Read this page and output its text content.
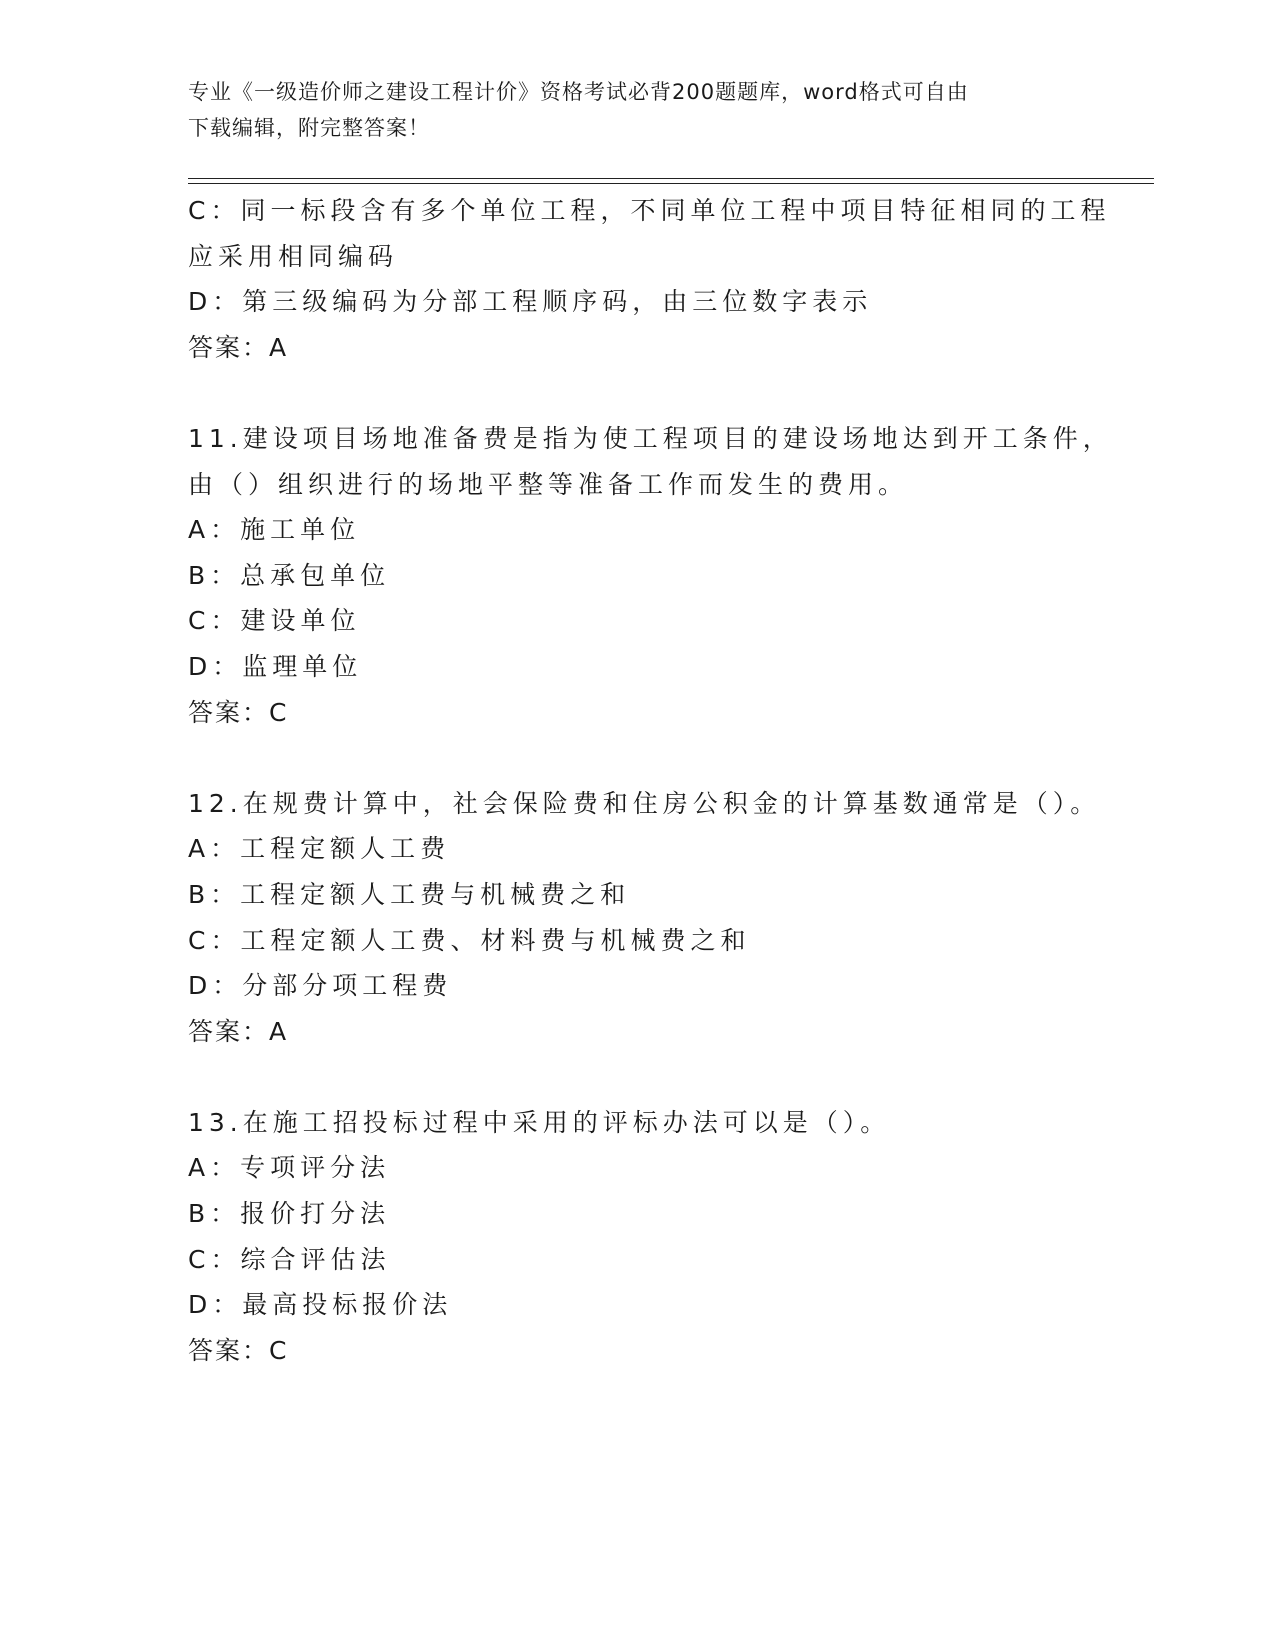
专业《一级造价师之建设工程计价》资格考试必背200题题库，word格式可自由
下载编辑，附完整答案！
C：同一标段含有多个单位工程，不同单位工程中项目特征相同的工程
应采用相同编码
D：第三级编码为分部工程顺序码，由三位数字表示
答案：A
11.建设项目场地准备费是指为使工程项目的建设场地达到开工条件，
由（）组织进行的场地平整等准备工作而发生的费用。
A：施工单位
B：总承包单位
C：建设单位
D：监理单位
答案：C
12.在规费计算中，社会保险费和住房公积金的计算基数通常是（）。
A：工程定额人工费
B：工程定额人工费与机械费之和
C：工程定额人工费、材料费与机械费之和
D：分部分项工程费
答案：A
13.在施工招投标过程中采用的评标办法可以是（）。
A：专项评分法
B：报价打分法
C：综合评估法
D：最高投标报价法
答案：C
